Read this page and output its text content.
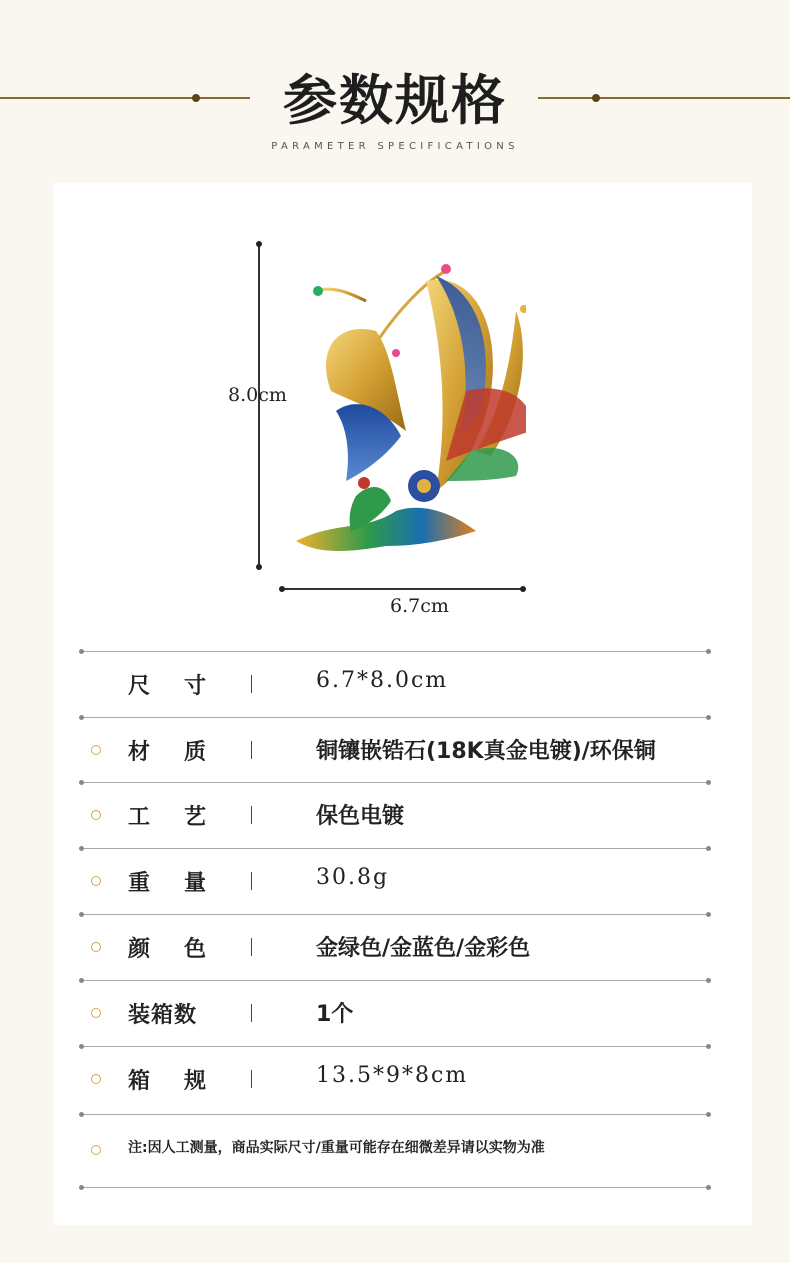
参数规格
PARAMETER SPECIFICATIONS
8.0cm
6.7cm
尺 寸	6.7*8.0cm
材 质	铜镶嵌锆石(18K真金电镀)/环保铜
工 艺	保色电镀
重 量	30.8g
颜 色	金绿色/金蓝色/金彩色
装箱数	1个
箱 规	13.5*9*8cm
注:因人工测量，商品实际尺寸/重量可能存在细微差异请以实物为准
